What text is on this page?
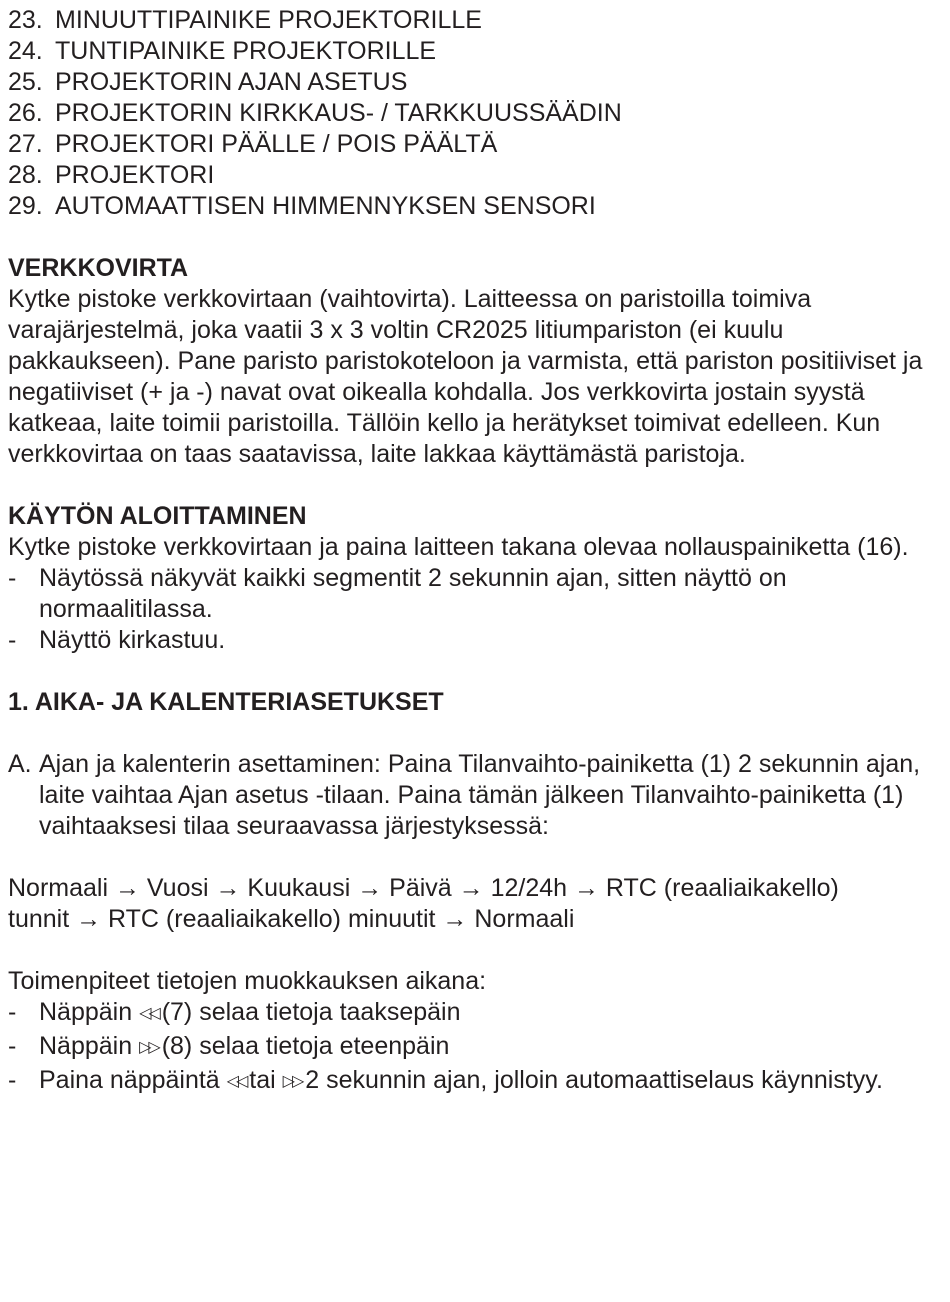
23. MINUUTTIPAINIKE PROJEKTORILLE
24. TUNTIPAINIKE PROJEKTORILLE
25. PROJEKTORIN AJAN ASETUS
26. PROJEKTORIN KIRKKAUS- / TARKKUUSSÄÄDIN
27. PROJEKTORI PÄÄLLE / POIS PÄÄLTÄ
28. PROJEKTORI
29. AUTOMAATTISEN HIMMENNYKSEN SENSORI
VERKKOVIRTA

Kytke pistoke verkkovirtaan (vaihtovirta). Laitteessa on paristoilla toimiva varajärjestelmä, joka vaatii 3 x 3 voltin CR2025 litiumpariston (ei kuulu pakkaukseen). Pane paristo paristokoteloon ja varmista, että pariston positiiviset ja negatiiviset (+ ja -) navat ovat oikealla kohdalla. Jos verkkovirta jostain syystä katkeaa, laite toimii paristoilla. Tällöin kello ja herätykset toimivat edelleen. Kun verkkovirtaa on taas saatavissa, laite lakkaa käyttämästä paristoja.

KÄYTÖN ALOITTAMINEN

Kytke pistoke verkkovirtaan ja paina laitteen takana olevaa nollauspainiketta (16).

- Näytössä näkyvät kaikki segmentit 2 sekunnin ajan, sitten näyttö on normaalitilassa.
- Näyttö kirkastuu.
1. AIKA- JA KALENTERIASETUKSET
A. Ajan ja kalenterin asettaminen: Paina Tilanvaihto-painiketta (1) 2 sekunnin ajan, laite vaihtaa Ajan asetus -tilaan. Paina tämän jälkeen Tilanvaihto-painiketta (1) vaihtaaksesi tilaa seuraavassa järjestyksessä:

Normaali → Vuosi → Kuukausi → Päivä → 12/24h → RTC (reaaliaikakello)

tunnit → RTC (reaaliaikakello) minuutit → Normaali

Toimenpiteet tietojen muokkauksen aikana:

- Näppäin ◁◁ (7) selaa tietoja taaksepäin
- Näppäin ▷▷ (8) selaa tietoja eteenpäin
- Paina näppäintä ◁◁ tai ▷▷ 2 sekunnin ajan, jolloin automaattiselaus käynnistyy.
